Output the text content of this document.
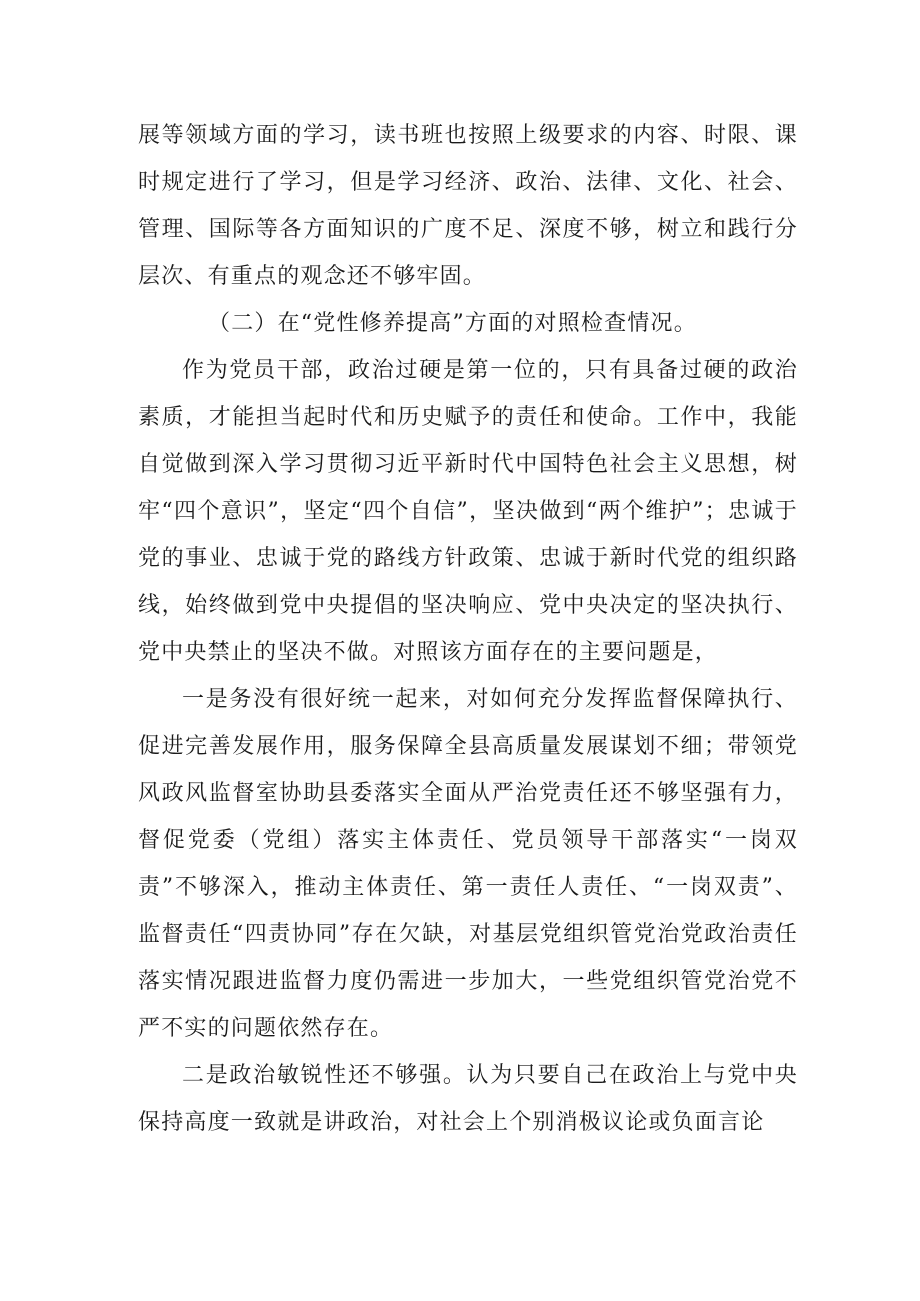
展等领域方面的学习，读书班也按照上级要求的内容、时限、课时规定进行了学习，但是学习经济、政治、法律、文化、社会、管理、国际等各方面知识的广度不足、深度不够，树立和践行分层次、有重点的观念还不够牢固。

（二）在“党性修养提高”方面的对照检查情况。

作为党员干部，政治过硬是第一位的，只有具备过硬的政治素质，才能担当起时代和历史赋予的责任和使命。工作中，我能自觉做到深入学习贯彻习近平新时代中国特色社会主义思想，树牢“四个意识”，坚定“四个自信”，坚决做到“两个维护”；忠诚于党的事业、忠诚于党的路线方针政策、忠诚于新时代党的组织路线，始终做到党中央提倡的坚决响应、党中央决定的坚决执行、党中央禁止的坚决不做。对照该方面存在的主要问题是，

一是务没有很好统一起来，对如何充分发挥监督保障执行、促进完善发展作用，服务保障全县高质量发展谋划不细；带领党风政风监督室协助县委落实全面从严治党责任还不够坚强有力，督促党委（党组）落实主体责任、党员领导干部落实“一岗双责”不够深入，推动主体责任、第一责任人责任、“一岗双责”、监督责任“四责协同”存在欠缺，对基层党组织管党治党政治责任落实情况跟进监督力度仍需进一步加大，一些党组织管党治党不严不实的问题依然存在。

二是政治敏锐性还不够强。认为只要自己在政治上与党中央保持高度一致就是讲政治，对社会上个别消极议论或负面言论
